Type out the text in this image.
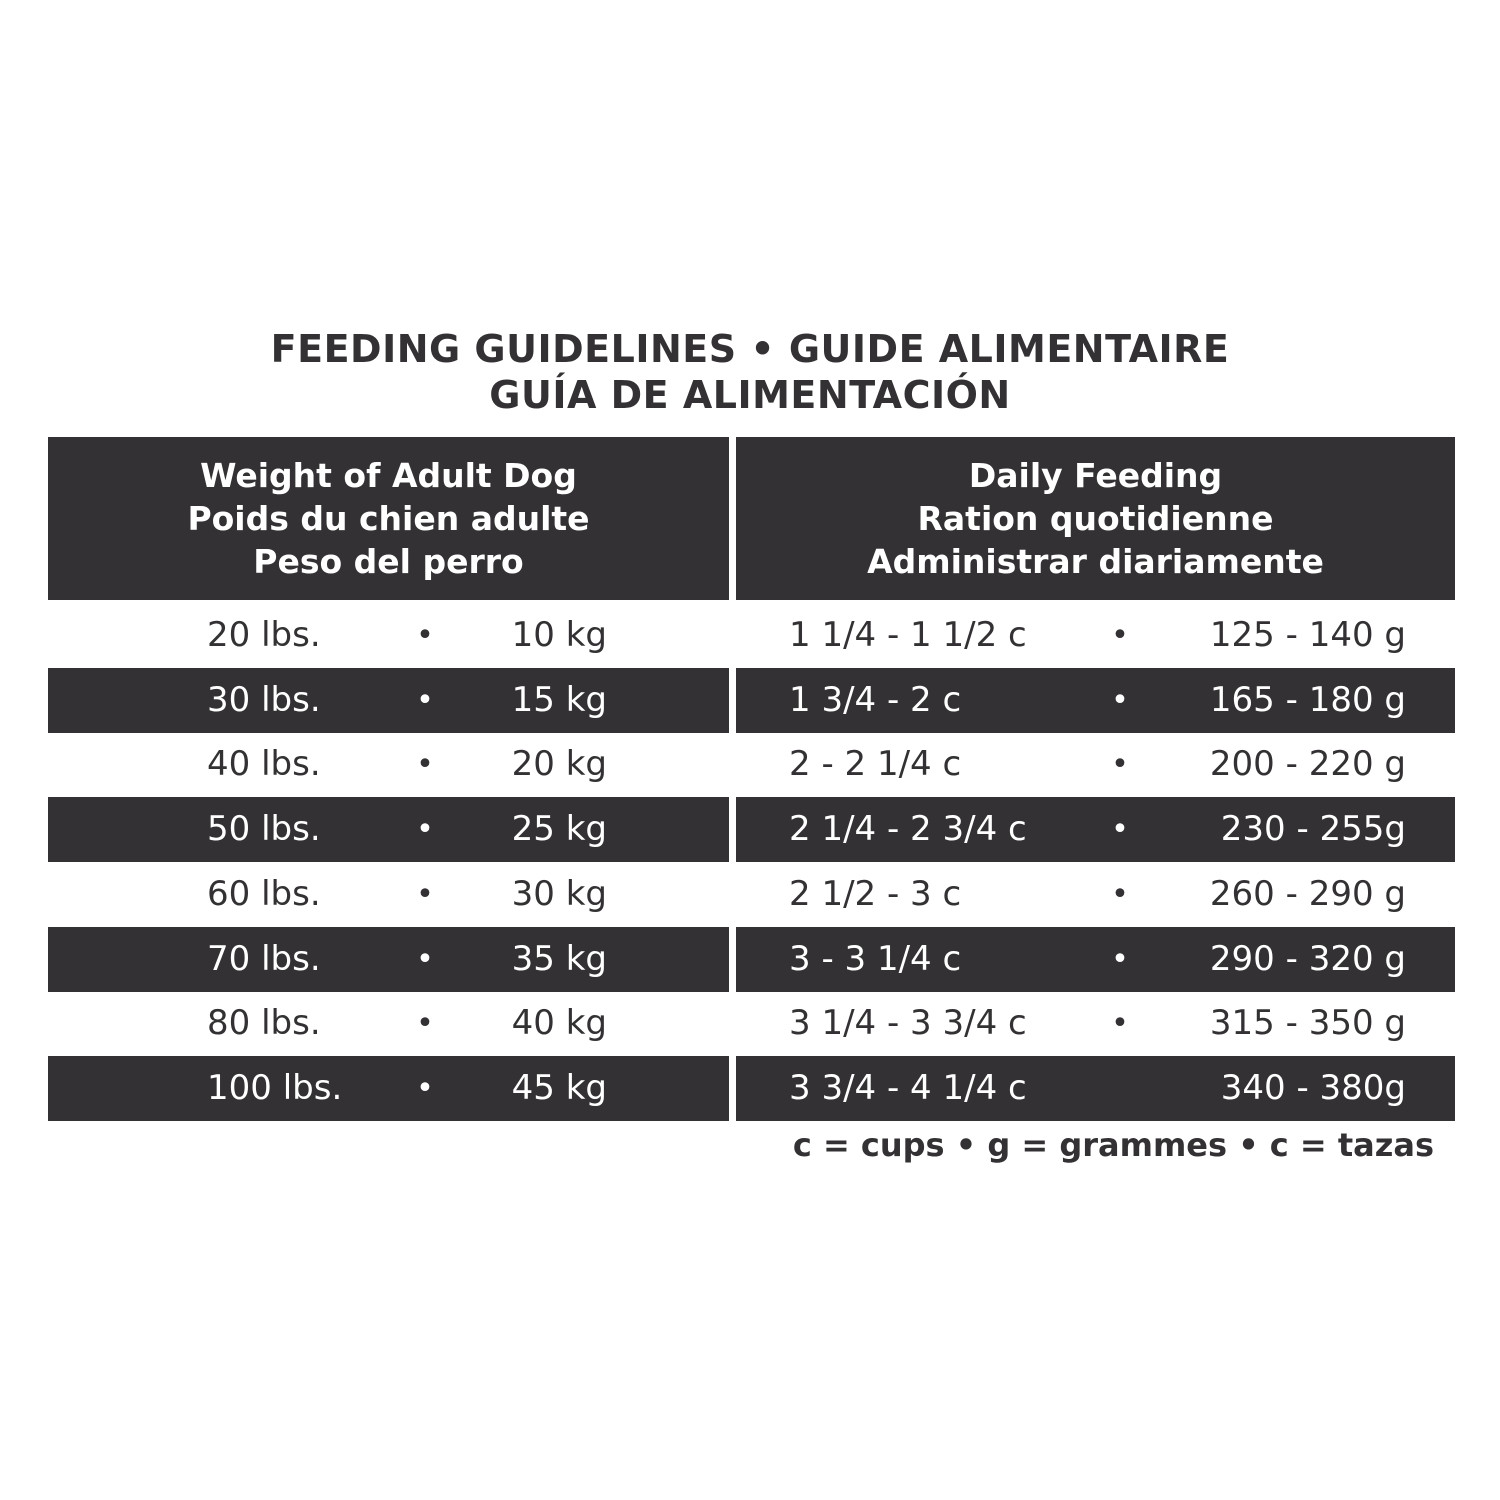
FEEDING GUIDELINES • GUIDE ALIMENTAIRE
GUÍA DE ALIMENTACIÓN
Weight of Adult Dog
Poids du chien adulte
Peso del perro
Daily Feeding
Ration quotidienne
Administrar diariamente
20 lbs.	• 10 kg	1 1/4 - 1 1/2 c	• 125 - 140 g
30 lbs.	• 15 kg	1 3/4 - 2 c	• 165 - 180 g
40 lbs.	• 20 kg	2 - 2 1/4 c	• 200 - 220 g
50 lbs.	• 25 kg	2 1/4 - 2 3/4 c	•	230 - 255g
60 lbs.	• 30 kg	2 1/2 - 3 c	• 260 - 290 g
70 lbs.	• 35 kg	3 - 3 1/4 c	• 290 - 320 g
80 lbs.	• 40 kg	3 1/4 - 3 3/4 c	• 315 - 350 g
100 lbs. • 45 kg	3 3/4 - 4 1/4 c	340 - 380g
c = cups • g = grammes • c = tazas
